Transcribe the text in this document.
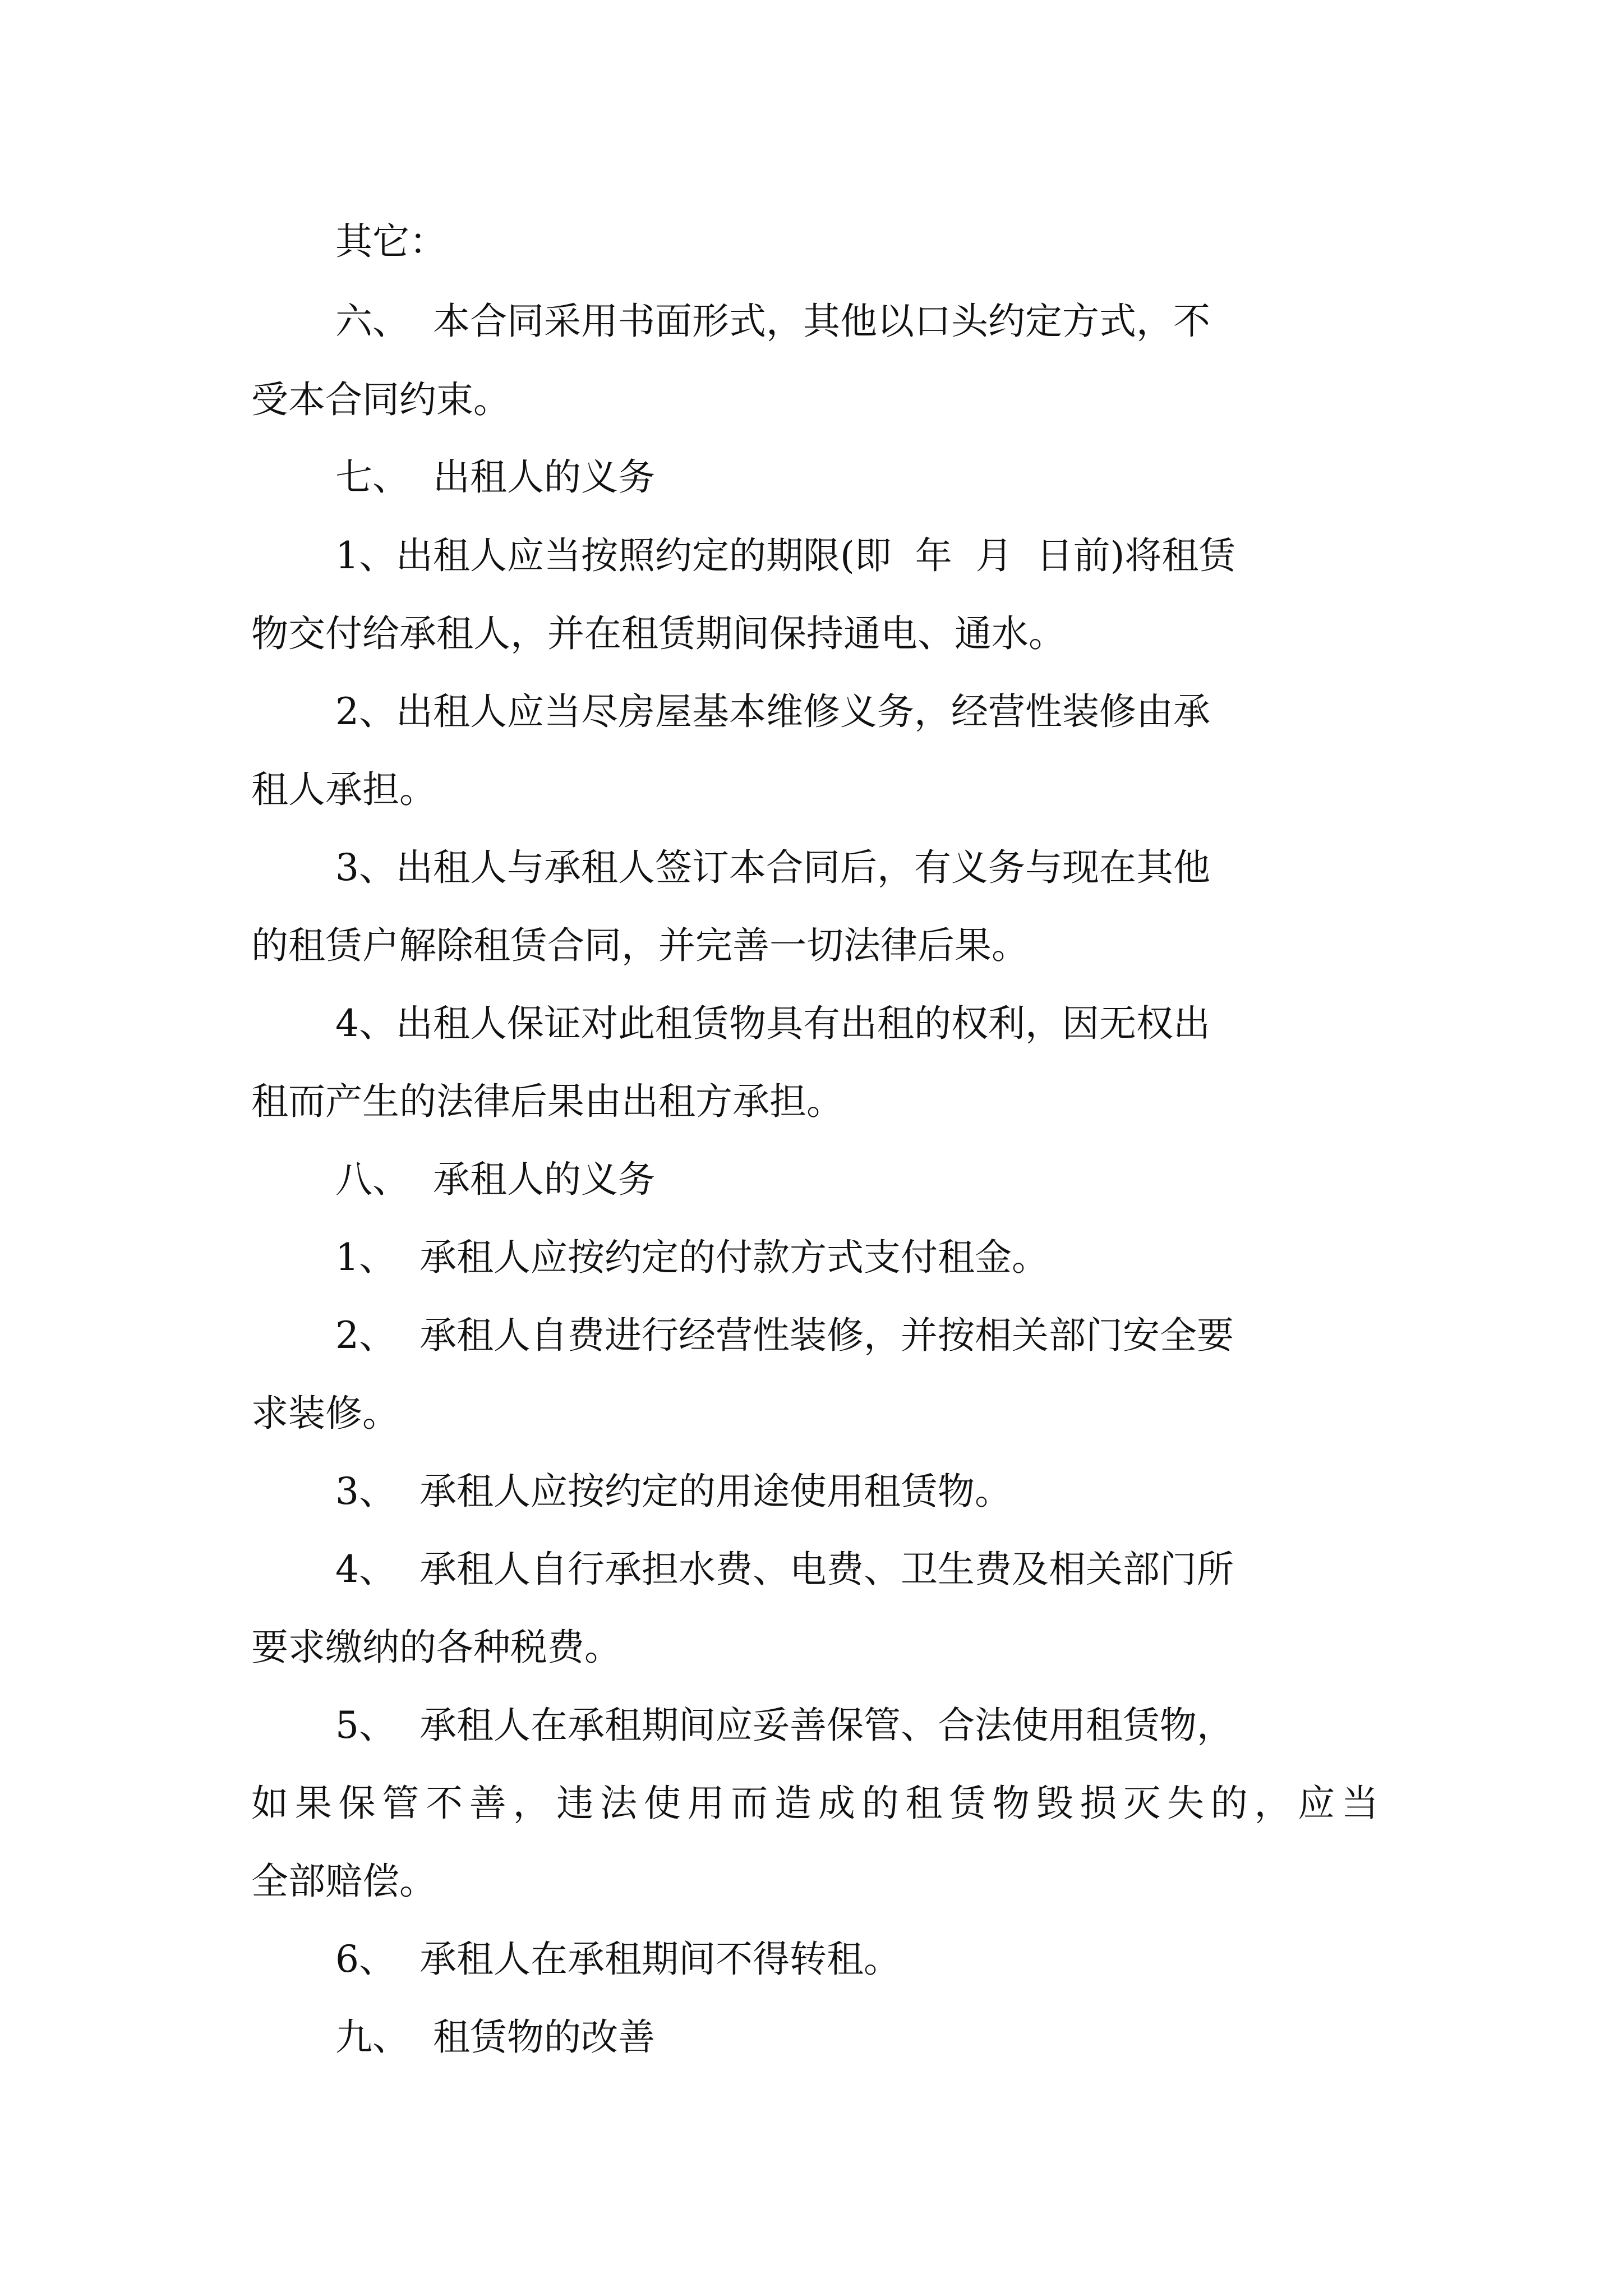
其它：
六、  本合同采用书面形式，其他以口头约定方式，不
受本合同约束。
七、  出租人的义务
1、出租人应当按照约定的期限(即  年  月  日前)将租赁
物交付给承租人，并在租赁期间保持通电、通水。
2、出租人应当尽房屋基本维修义务，经营性装修由承
租人承担。
3、出租人与承租人签订本合同后，有义务与现在其他
的租赁户解除租赁合同，并完善一切法律后果。
4、出租人保证对此租赁物具有出租的权利，因无权出
租而产生的法律后果由出租方承担。
八、  承租人的义务
1、  承租人应按约定的付款方式支付租金。
2、  承租人自费进行经营性装修，并按相关部门安全要
求装修。
3、  承租人应按约定的用途使用租赁物。
4、  承租人自行承担水费、电费、卫生费及相关部门所
要求缴纳的各种税费。
5、  承租人在承租期间应妥善保管、合法使用租赁物，
如果保管不善，违法使用而造成的租赁物毁损灭失的，应当
全部赔偿。
6、  承租人在承租期间不得转租。
九、  租赁物的改善
